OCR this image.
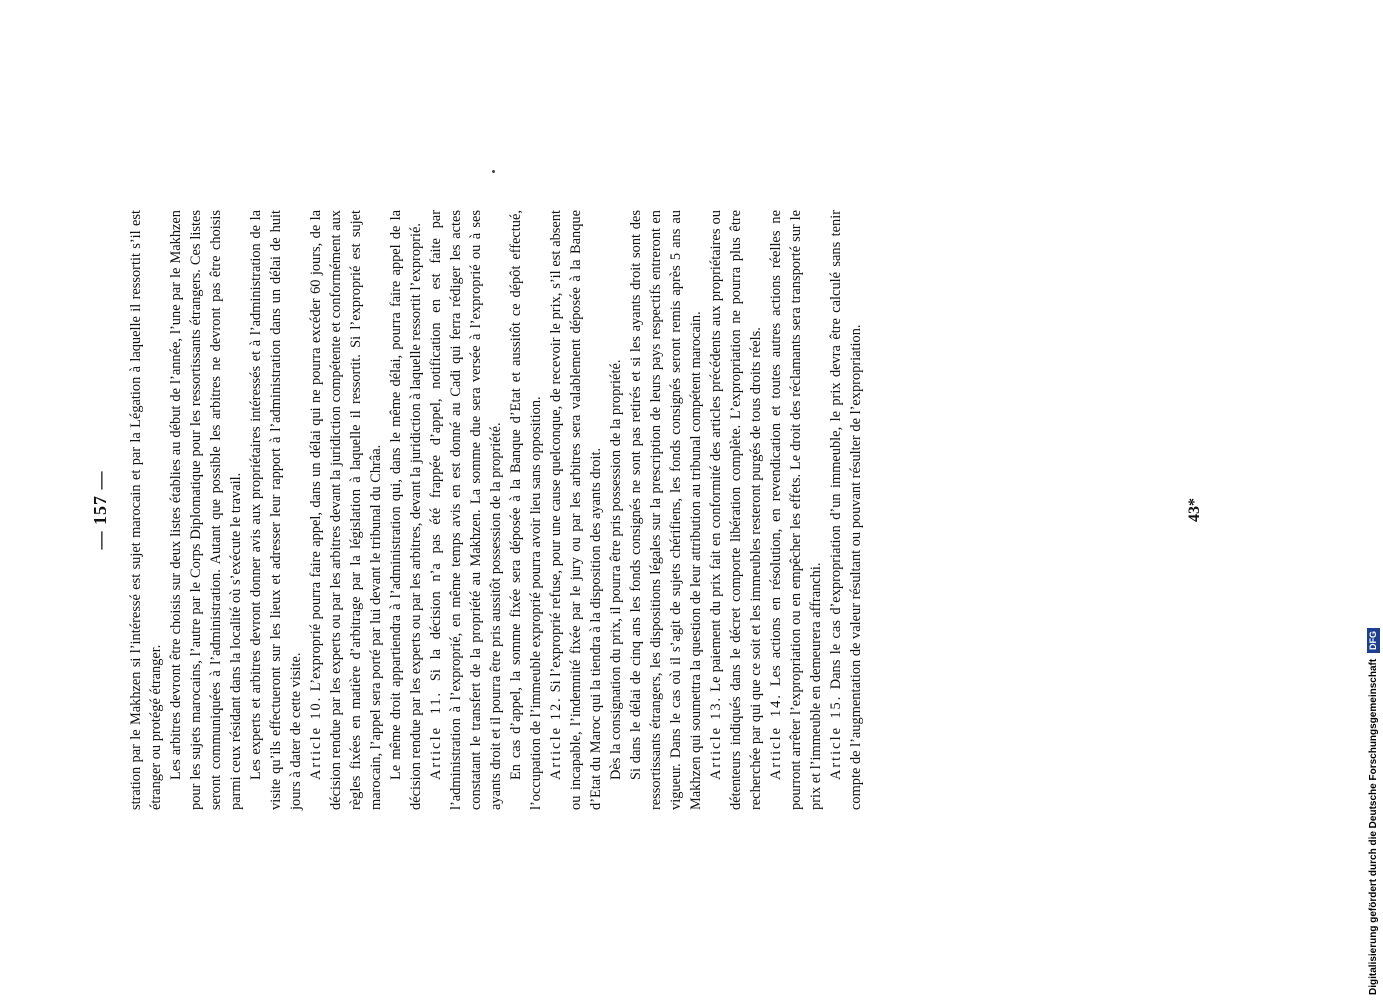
— 157 — stration par le Makhzen si l’intéressé est sujet marocain et par la Légation à laquelle il ressortit s’il est étranger ou protégé étranger. Les arbitres devront être choisis sur deux listes établies au début de l’année, l’une par le Makhzen pour les sujets marocains, l’autre par le Corps Diplomatique pour les ressortissants étrangers. Ces listes seront communiquées à l’administration. Autant que possible les arbitres ne devront pas être choisis parmi ceux résidant dans la localité où s’exécute le travail. Les experts et arbitres devront donner avis aux propriétaires intéressés et à l’administration de la visite qu’ils effectueront sur les lieux et adresser leur rapport à l’administration dans un délai de huit jours à dater de cette visite. Article 10. L’exproprié pourra faire appel, dans un délai qui ne pourra excéder 60 jours, de la décision rendue par les experts ou par les arbitres devant la juridiction compétente et conformément aux règles fixées en matière d’arbitrage par la législation à laquelle il ressortit. Si l’exproprié est sujet marocain, l’appel sera porté par lui devant le tribunal du Chrâa. Le même droit appartiendra à l’administration qui, dans le même délai, pourra faire appel de la décision rendue par les experts ou par les arbitres, devant la juridiction à laquelle ressortit l’exproprié. Article 11. Si la décision n’a pas été frappée d’appel, notification en est faite par l’administration à l’exproprié, en même temps avis en est donné au Cadi qui ferra rédiger les actes constatant le transfert de la propriété au Makhzen. La somme due sera versée à l’exproprié ou à ses ayants droit et il pourra être pris aussitôt possession de la propriété. En cas d’appel, la somme fixée sera déposée à la Banque d’Etat et aussitôt ce dépôt effectué, l’occupation de l’immeuble exproprié pourra avoir lieu sans opposition. Article 12. Si l’exproprié refuse, pour une cause quelconque, de recevoir le prix, s’il est absent ou incapable, l’indemnité fixée par le jury ou par les arbitres sera valablement déposée à la Banque d’Etat du Maroc qui la tiendra à la disposition des ayants droit. Dès la consignation du prix, il pourra être pris possession de la propriété. Si dans le délai de cinq ans les fonds consignés ne sont pas retirés et si les ayants droit sont des ressortissants étrangers, les dispositions légales sur la prescription de leurs pays respectifs entreront en vigueur. Dans le cas où il s’agit de sujets chérifiens, les fonds consignés seront remis après 5 ans au Makhzen qui soumettra la question de leur attribution au tribunal compétent marocain. Article 13. Le paiement du prix fait en conformité des articles précédents aux propriétaires ou détenteurs indiqués dans le décret comporte libération complète. L’expropriation ne pourra plus être recherchée par qui que ce soit et les immeubles resteront purgés de tous droits réels. Article 14. Les actions en résolution, en revendication et toutes autres actions réelles ne pourront arrêter l’expropriation ou en empêcher les effets. Le droit des réclamants sera transporté sur le prix et l’immeuble en demeurera affranchi. Article 15. Dans le cas d’expropriation d’un immeuble, le prix devra être calculé sans tenir compte de l’augmentation de valeur résultant ou pouvant résulter de l’expropriation.	43*
Digitalisierung gefördert durch die Deutsche Forschungsgemeinschaft DFG
